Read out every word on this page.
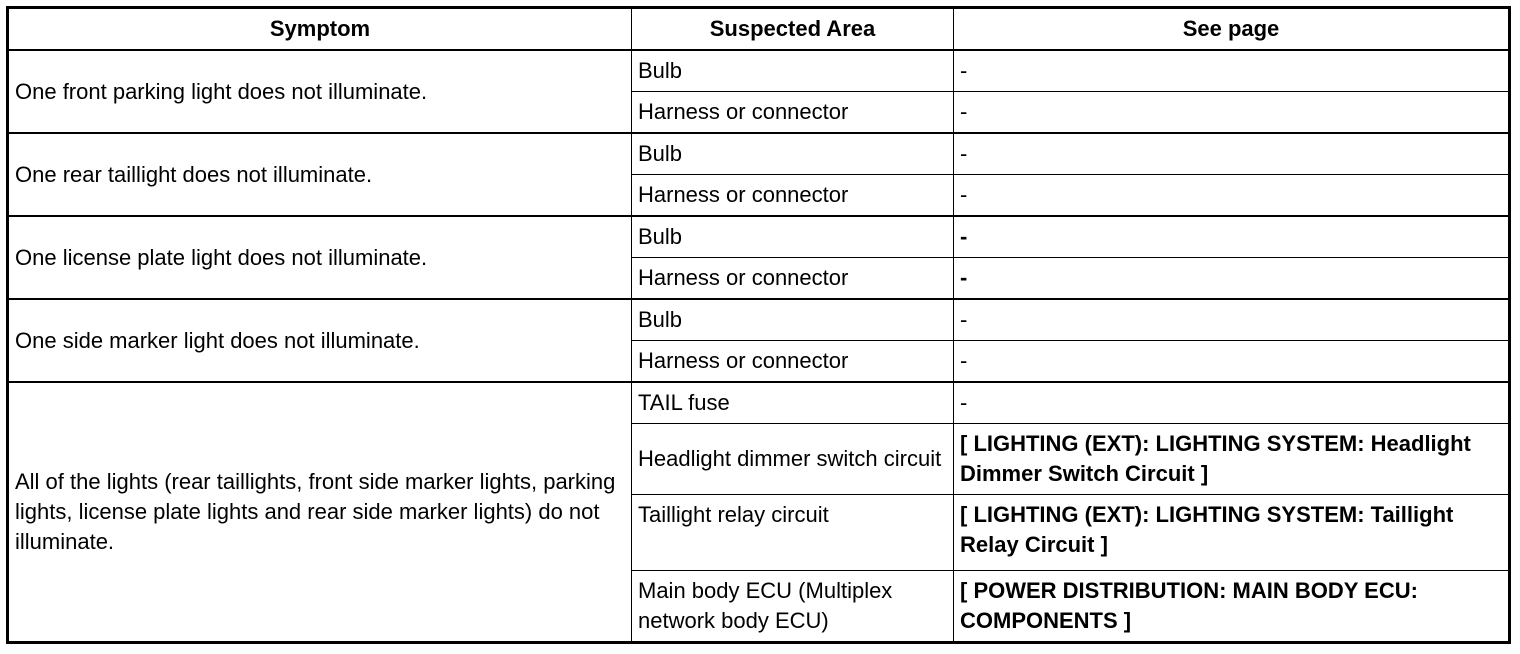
Symptom	Suspected Area	See page
One front parking light does not illuminate.	Bulb	-
	Harness or connector	-
One rear taillight does not illuminate.	Bulb	-
	Harness or connector	-
One license plate light does not illuminate.	Bulb	-
	Harness or connector	-
One side marker light does not illuminate.	Bulb	-
	Harness or connector	-
All of the lights (rear taillights, front side marker lights, parking lights, license plate lights and rear side marker lights) do not illuminate.	TAIL fuse	-
	Headlight dimmer switch circuit	[ LIGHTING (EXT): LIGHTING SYSTEM: Headlight Dimmer Switch Circuit ]
	Taillight relay circuit	[ LIGHTING (EXT): LIGHTING SYSTEM: Taillight Relay Circuit ]
	Main body ECU (Multiplex network body ECU)	[ POWER DISTRIBUTION: MAIN BODY ECU: COMPONENTS ]
